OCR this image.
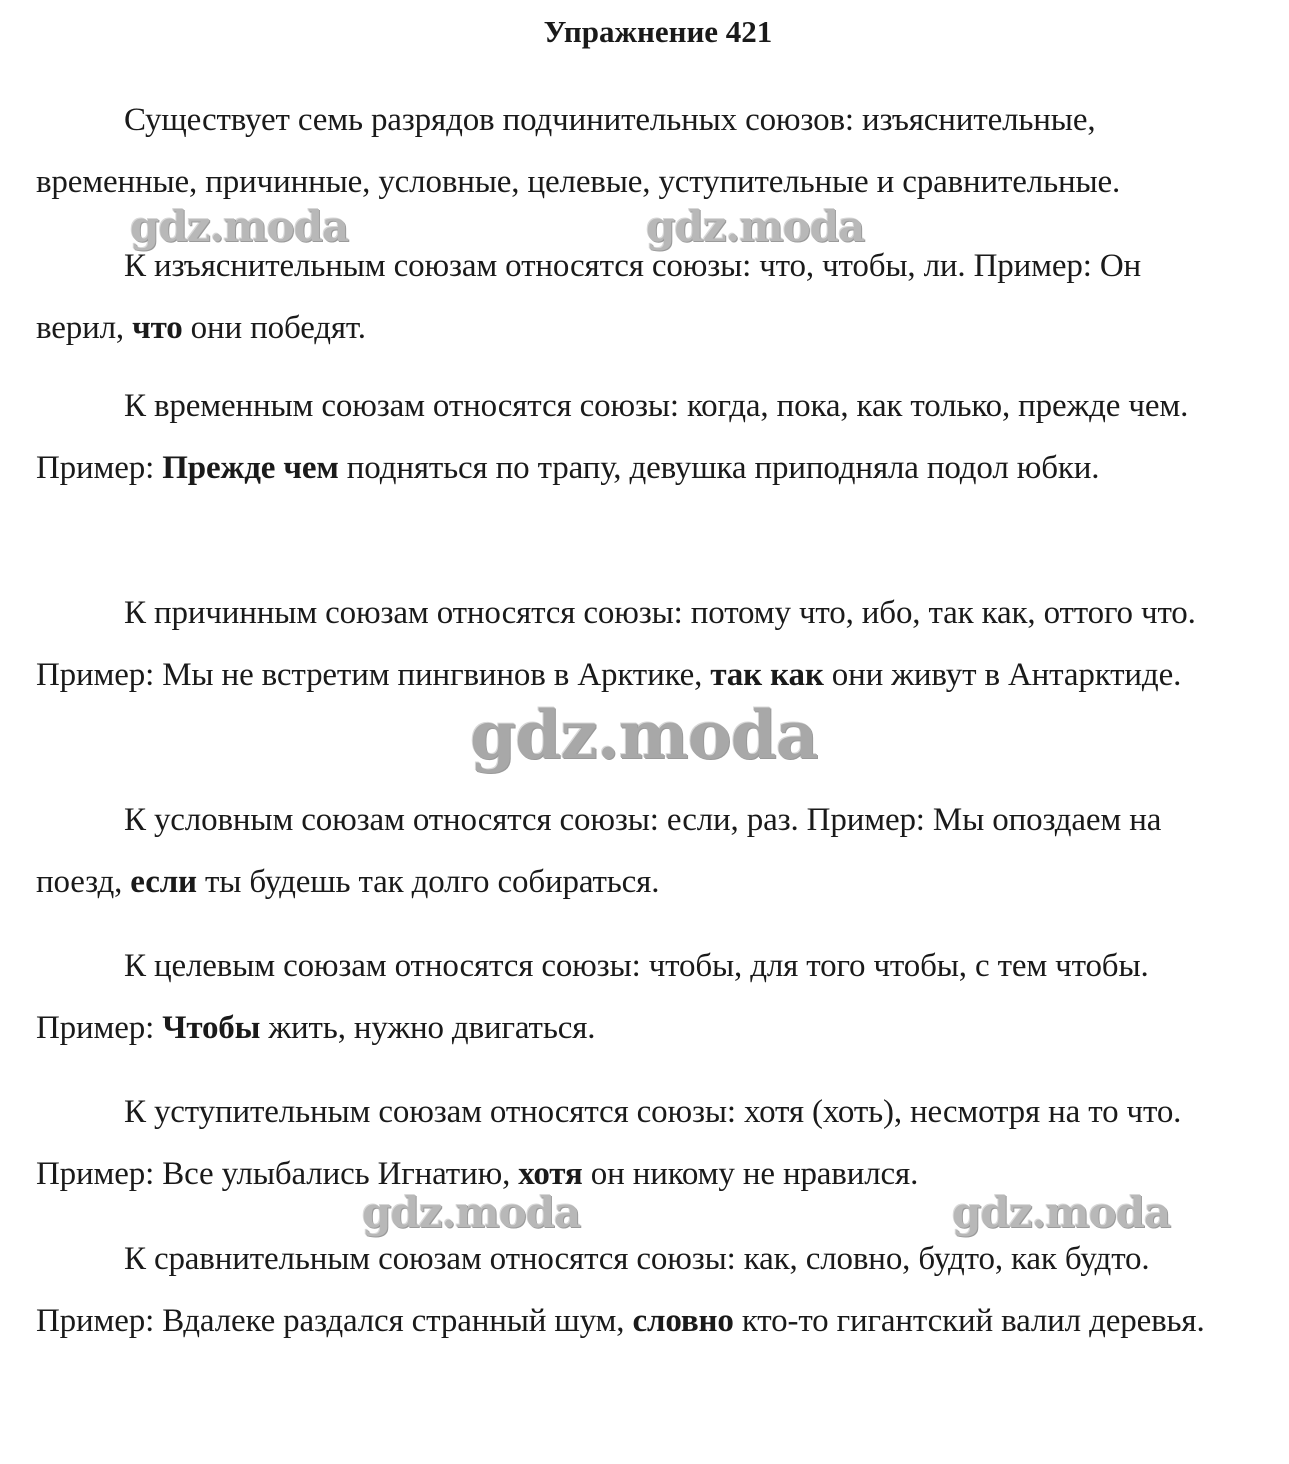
Упражнение 421

Существует семь разрядов подчинительных союзов: изъяснительные, временные, причинные, условные, целевые, уступительные и сравнительные.

К изъяснительным союзам относятся союзы: что, чтобы, ли. Пример: Он верил, что они победят.

К временным союзам относятся союзы: когда, пока, как только, прежде чем. Пример: Прежде чем подняться по трапу, девушка приподняла подол юбки.

К причинным союзам относятся союзы: потому что, ибо, так как, оттого что. Пример: Мы не встретим пингвинов в Арктике, так как они живут в Антарктиде.

К условным союзам относятся союзы: если, раз. Пример: Мы опоздаем на поезд, если ты будешь так долго собираться.

К целевым союзам относятся союзы: чтобы, для того чтобы, с тем чтобы. Пример: Чтобы жить, нужно двигаться.

К уступительным союзам относятся союзы: хотя (хоть), несмотря на то что. Пример: Все улыбались Игнатию, хотя он никому не нравился.

К сравнительным союзам относятся союзы: как, словно, будто, как будто. Пример: Вдалеке раздался странный шум, словно кто-то гигантский валил деревья.

gdz.moda	gdz.moda
gdz.moda
gdz.moda	gdz.moda
